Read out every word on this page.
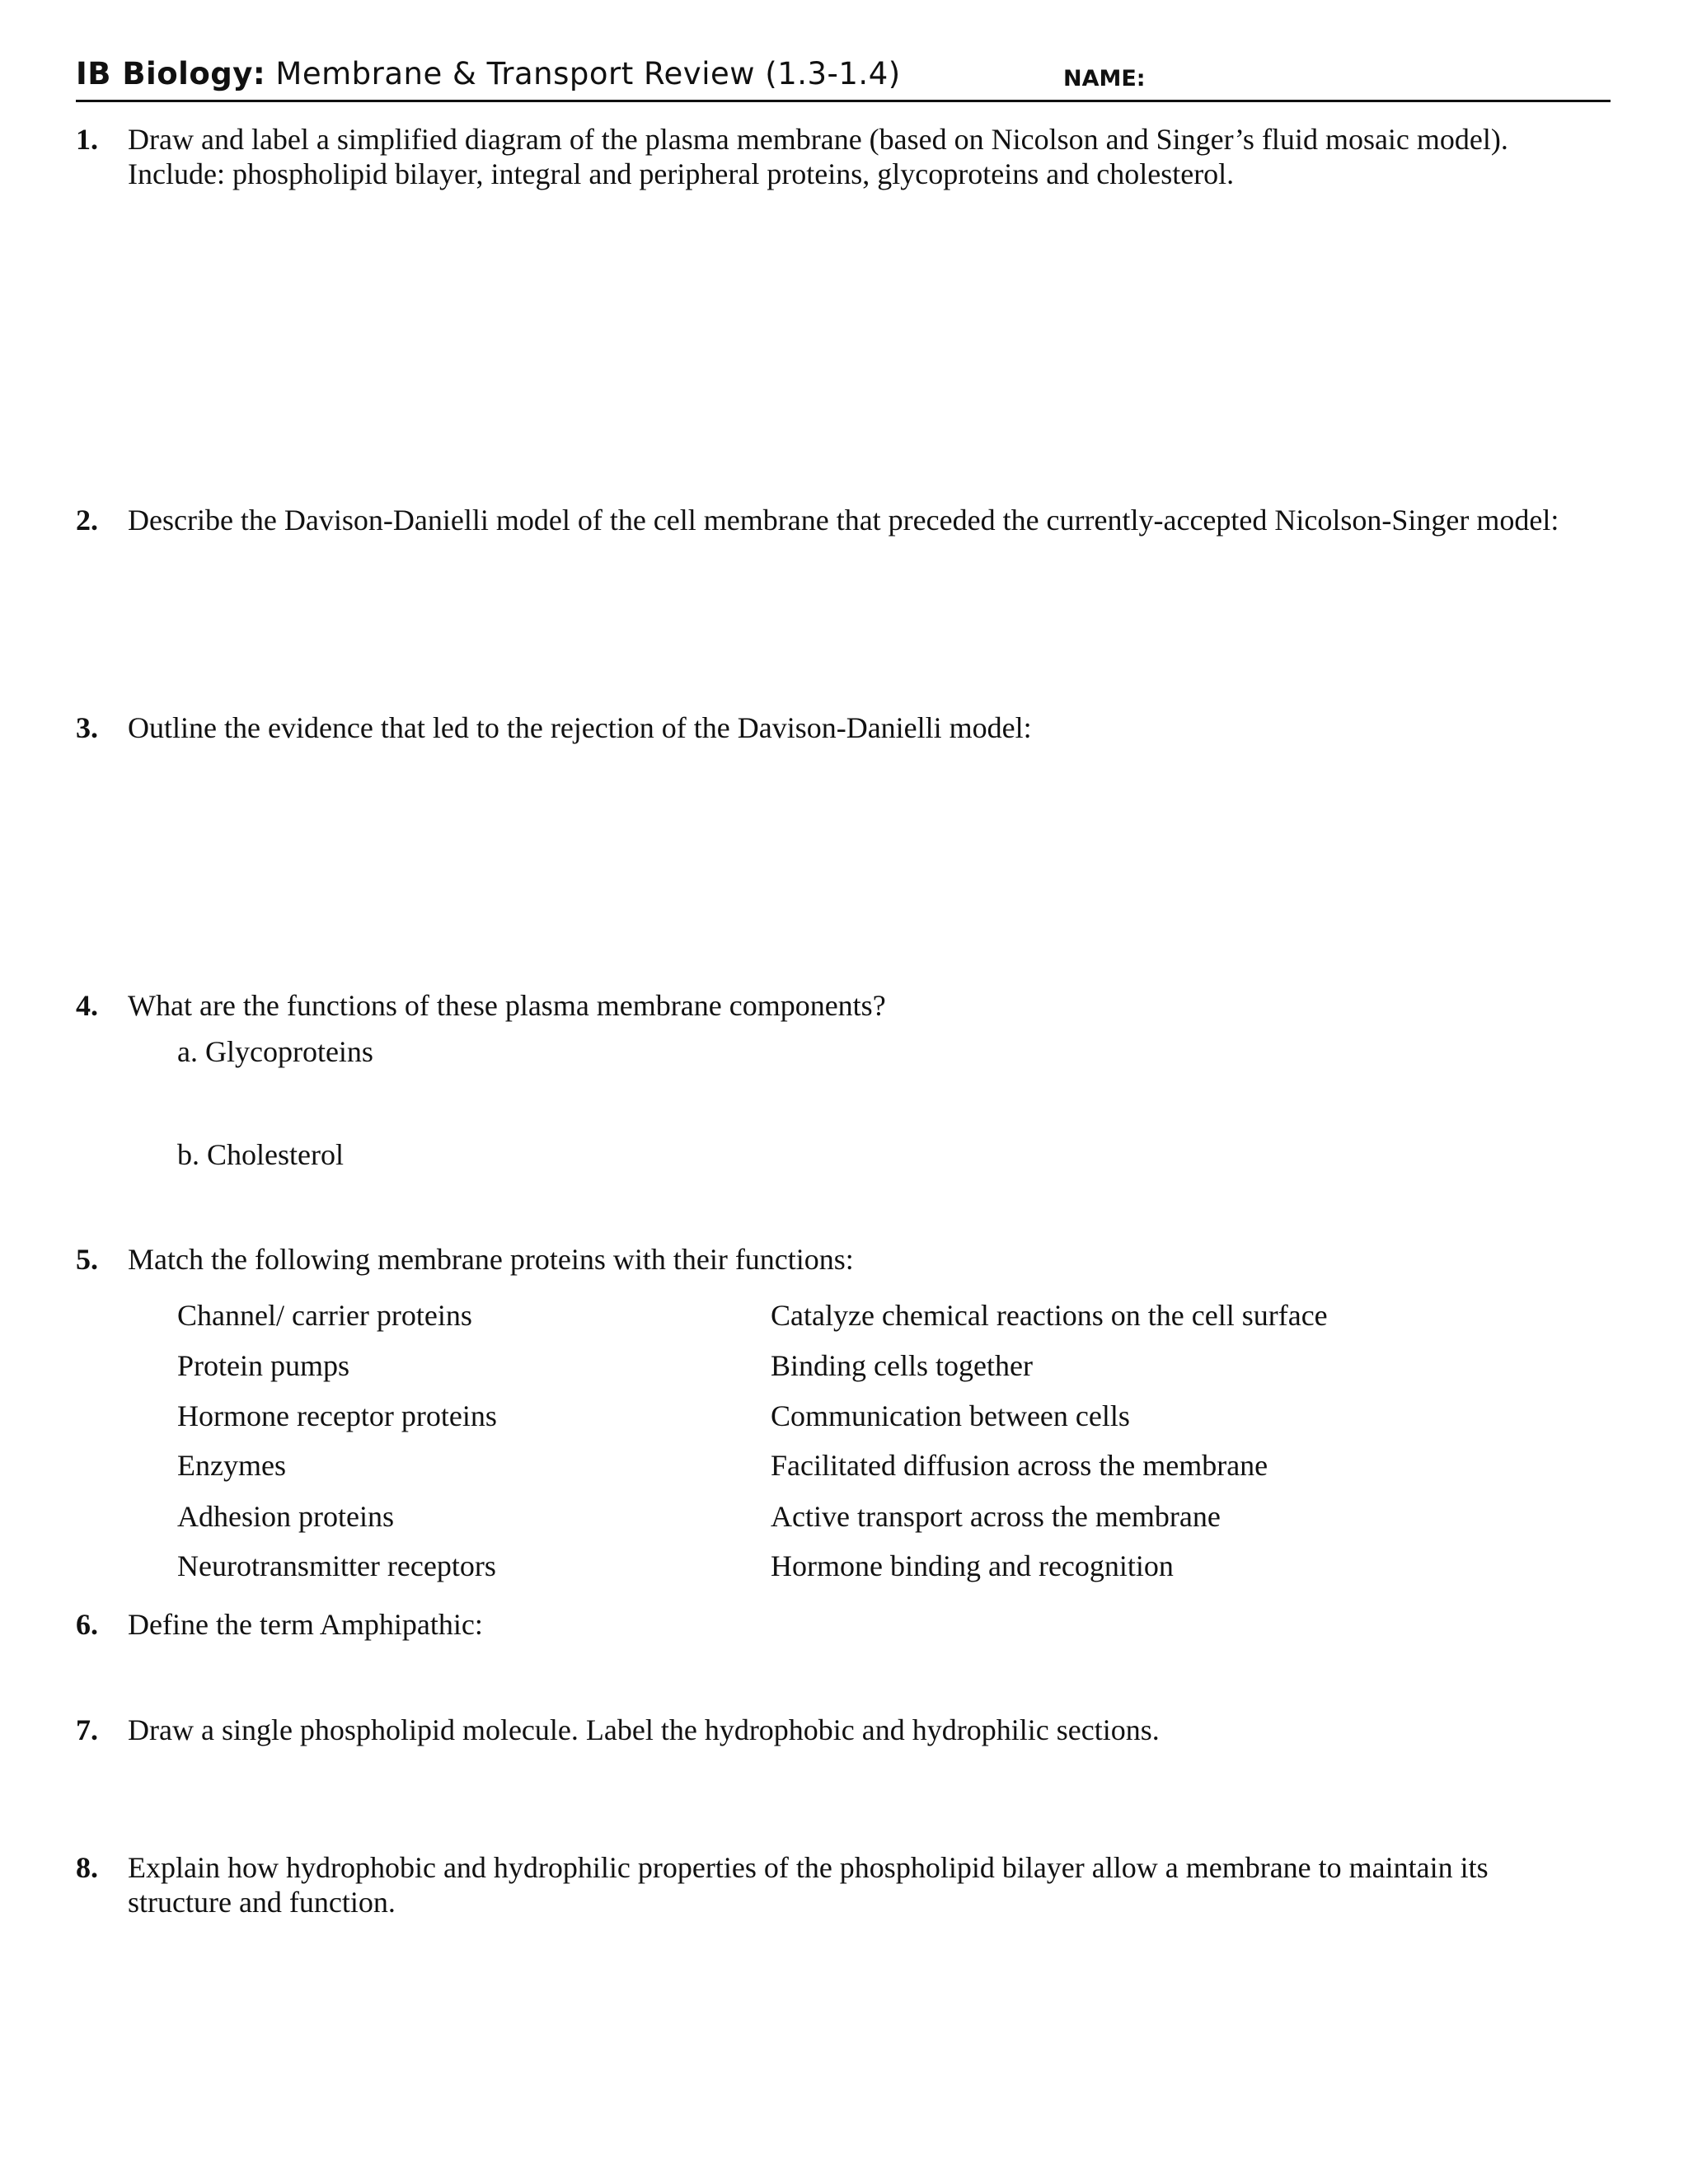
IB Biology: Membrane & Transport Review (1.3-1.4)	NAME:
1. Draw and label a simplified diagram of the plasma membrane (based on Nicolson and Singer’s fluid mosaic model).
Include: phospholipid bilayer, integral and peripheral proteins, glycoproteins and cholesterol.
2. Describe the Davison-Danielli model of the cell membrane that preceded the currently-accepted Nicolson-Singer model:
3. Outline the evidence that led to the rejection of the Davison-Danielli model:
4. What are the functions of these plasma membrane components?
a. Glycoproteins
b. Cholesterol
5. Match the following membrane proteins with their functions:
Channel/ carrier proteins
Protein pumps
Hormone receptor proteins
Enzymes
Adhesion proteins
Neurotransmitter receptors
Catalyze chemical reactions on the cell surface
Binding cells together
Communication between cells
Facilitated diffusion across the membrane
Active transport across the membrane
Hormone binding and recognition
6. Define the term Amphipathic:
7. Draw a single phospholipid molecule. Label the hydrophobic and hydrophilic sections.
8. Explain how hydrophobic and hydrophilic properties of the phospholipid bilayer allow a membrane to maintain its
structure and function.
